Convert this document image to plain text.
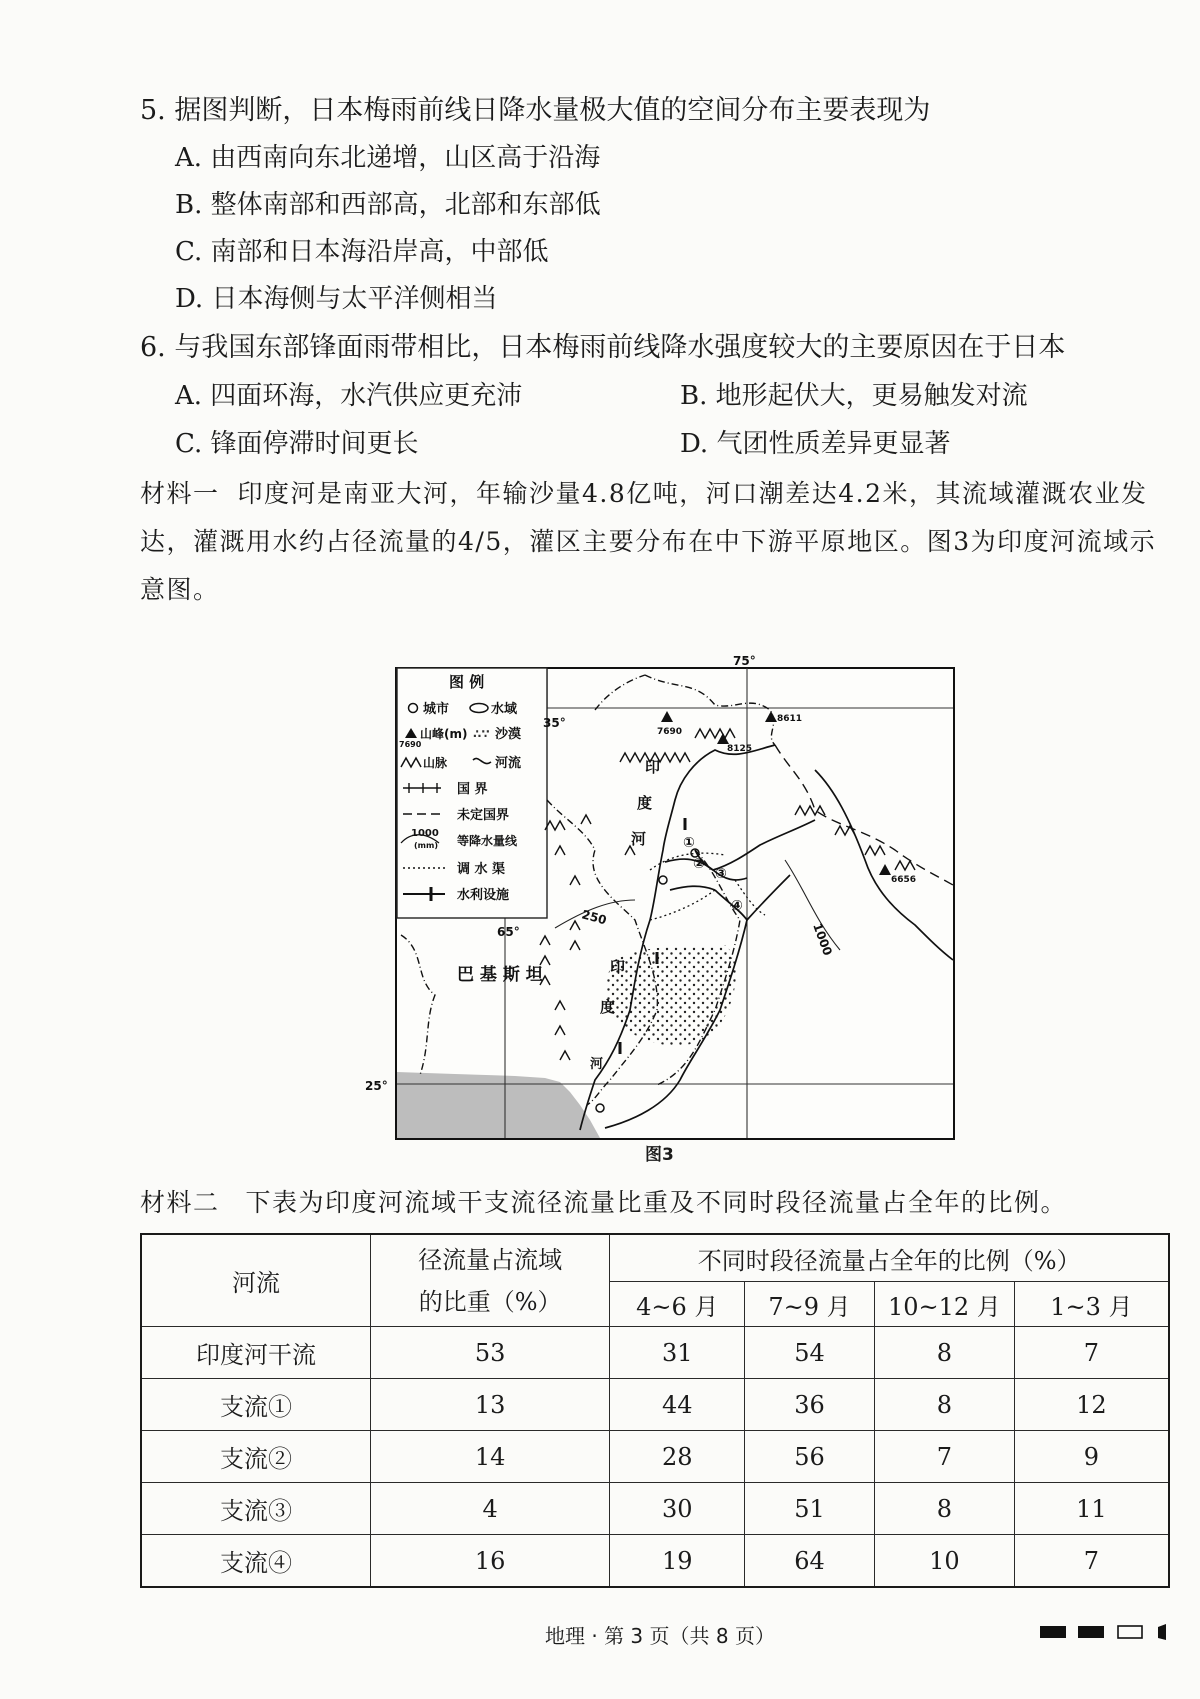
5. 据图判断，日本梅雨前线日降水量极大值的空间分布主要表现为
A. 由西南向东北递增，山区高于沿海
B. 整体南部和西部高，北部和东部低
C. 南部和日本海沿岸高，中部低
D. 日本海侧与太平洋侧相当
6. 与我国东部锋面雨带相比，日本梅雨前线降水强度较大的主要原因在于日本
A. 四面环海，水汽供应更充沛	B. 地形起伏大，更易触发对流
C. 锋面停滞时间更长	D. 气团性质差异更显著
材料一 印度河是南亚大河，年输沙量4.8亿吨，河口潮差达4.2米，其流域灌溉农业发达，灌溉用水约占径流量的4/5，灌区主要分布在中下游平原地区。图3为印度河流域示意图。
图 例
城市	水域
7690
山峰(m) ∴∵ 沙漠
山脉	河流
国 界
未定国界
1000
(mm) 等降水量线
调 水 渠
水利设施
75°
65°
35°
25°
7690
8611
8125
6656
250
1000
巴 基 斯 坦
印
度
河
印
度
河
①
②
③
④
图3
材料二 下表为印度河流域干支流径流量比重及不同时段径流量占全年的比例。
河流	径流量占流域
的比重（%）	不同时段径流量占全年的比例（%）			
		4~6 月	7~9 月	10~12 月	1~3 月
印度河干流	53	31	54	8	7
支流①	13	44	36	8	12
支流②	14	28	56	7	9
支流③	4	30	51	8	11
支流④	16	19	64	10	7
地理 · 第 3 页（共 8 页）
